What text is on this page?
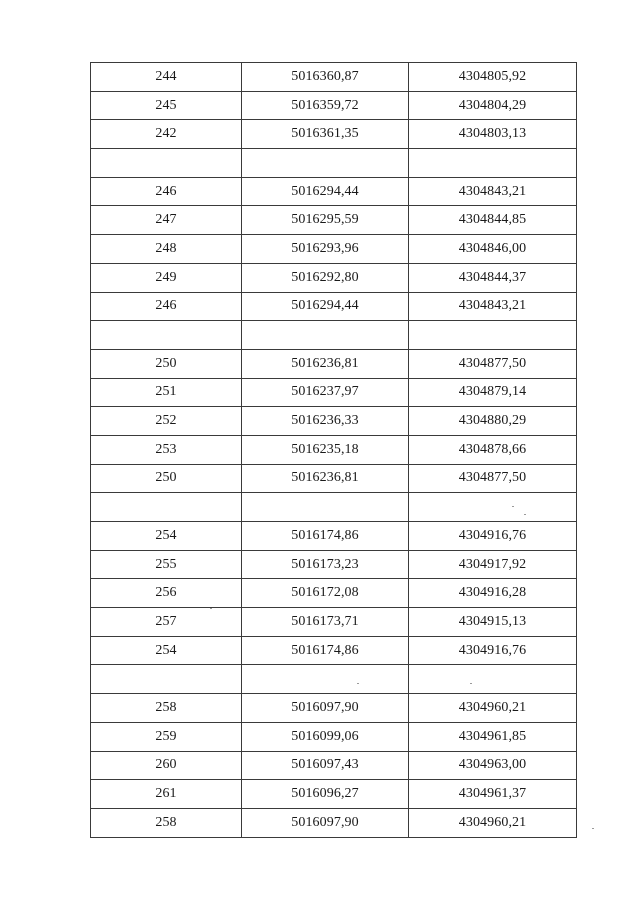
244	5016360,87	4304805,92
245	5016359,72	4304804,29
242	5016361,35	4304803,13

246	5016294,44	4304843,21
247	5016295,59	4304844,85
248	5016293,96	4304846,00
249	5016292,80	4304844,37
246	5016294,44	4304843,21

250	5016236,81	4304877,50
251	5016237,97	4304879,14
252	5016236,33	4304880,29
253	5016235,18	4304878,66
250	5016236,81	4304877,50

254	5016174,86	4304916,76
255	5016173,23	4304917,92
256	5016172,08	4304916,28
257	5016173,71	4304915,13
254	5016174,86	4304916,76

258	5016097,90	4304960,21
259	5016099,06	4304961,85
260	5016097,43	4304963,00
261	5016096,27	4304961,37
258	5016097,90	4304960,21
